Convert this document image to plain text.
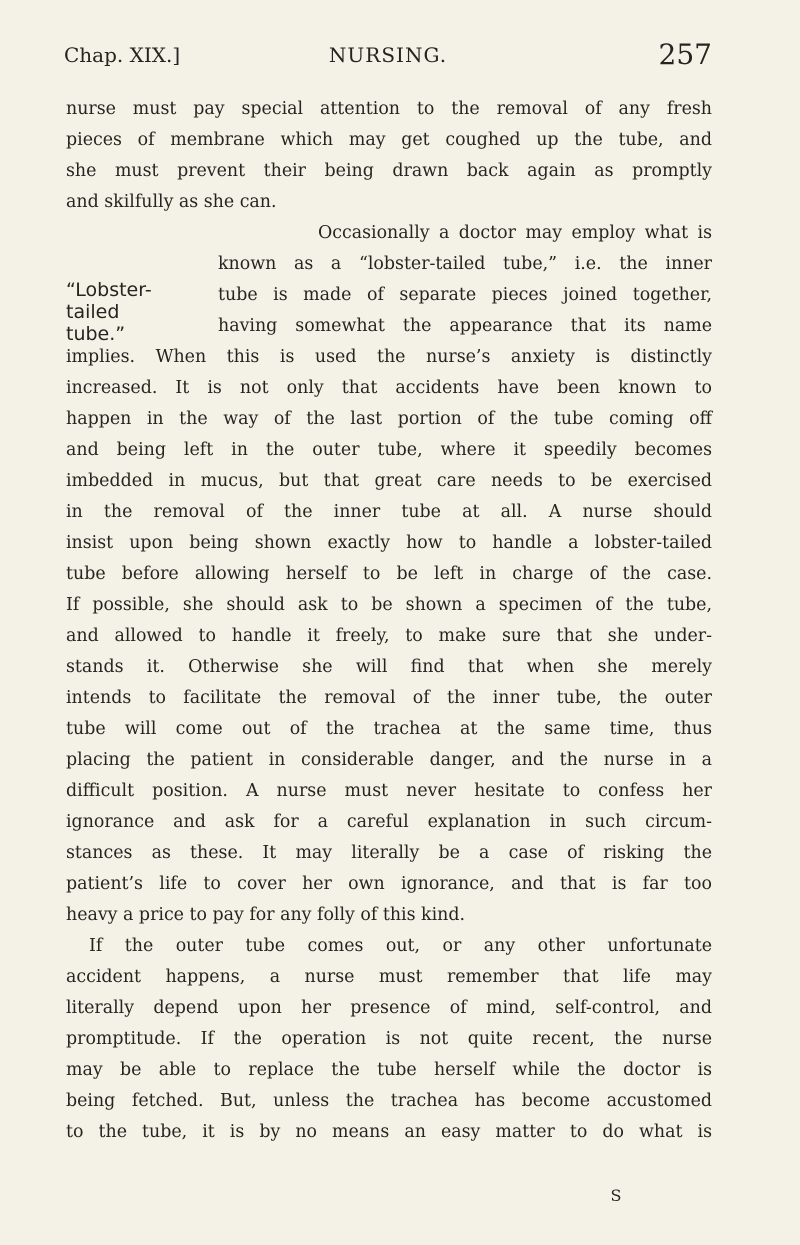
NURSING.
Chap. XIX.]	257
“Lobster-
tailed
tube.”
nurse must pay special attention to the removal of any fresh
pieces of membrane which may get coughed up the tube, and
she must prevent their being drawn back again as promptly
and skilfully as she can.
Occasionally a doctor may employ what is
known as a “lobster-tailed tube,” i.e. the inner
tube is made of separate pieces joined together,
having somewhat the appearance that its name
implies. When this is used the nurse’s anxiety is distinctly
increased. It is not only that accidents have been known to
happen in the way of the last portion of the tube coming off
and being left in the outer tube, where it speedily becomes
imbedded in mucus, but that great care needs to be exercised
in the removal of the inner tube at all. A nurse should
insist upon being shown exactly how to handle a lobster-tailed
tube before allowing herself to be left in charge of the case.
If possible, she should ask to be shown a specimen of the tube,
and allowed to handle it freely, to make sure that she under-
stands it. Otherwise she will find that when she merely
intends to facilitate the removal of the inner tube, the outer
tube will come out of the trachea at the same time, thus
placing the patient in considerable danger, and the nurse in a
difficult position. A nurse must never hesitate to confess her
ignorance and ask for a careful explanation in such circum-
stances as these. It may literally be a case of risking the
patient’s life to cover her own ignorance, and that is far too
heavy a price to pay for any folly of this kind.
If the outer tube comes out, or any other unfortunate
accident happens, a nurse must remember that life may
literally depend upon her presence of mind, self-control, and
promptitude. If the operation is not quite recent, the nurse
may be able to replace the tube herself while the doctor is
being fetched. But, unless the trachea has become accustomed
to the tube, it is by no means an easy matter to do what is
S
